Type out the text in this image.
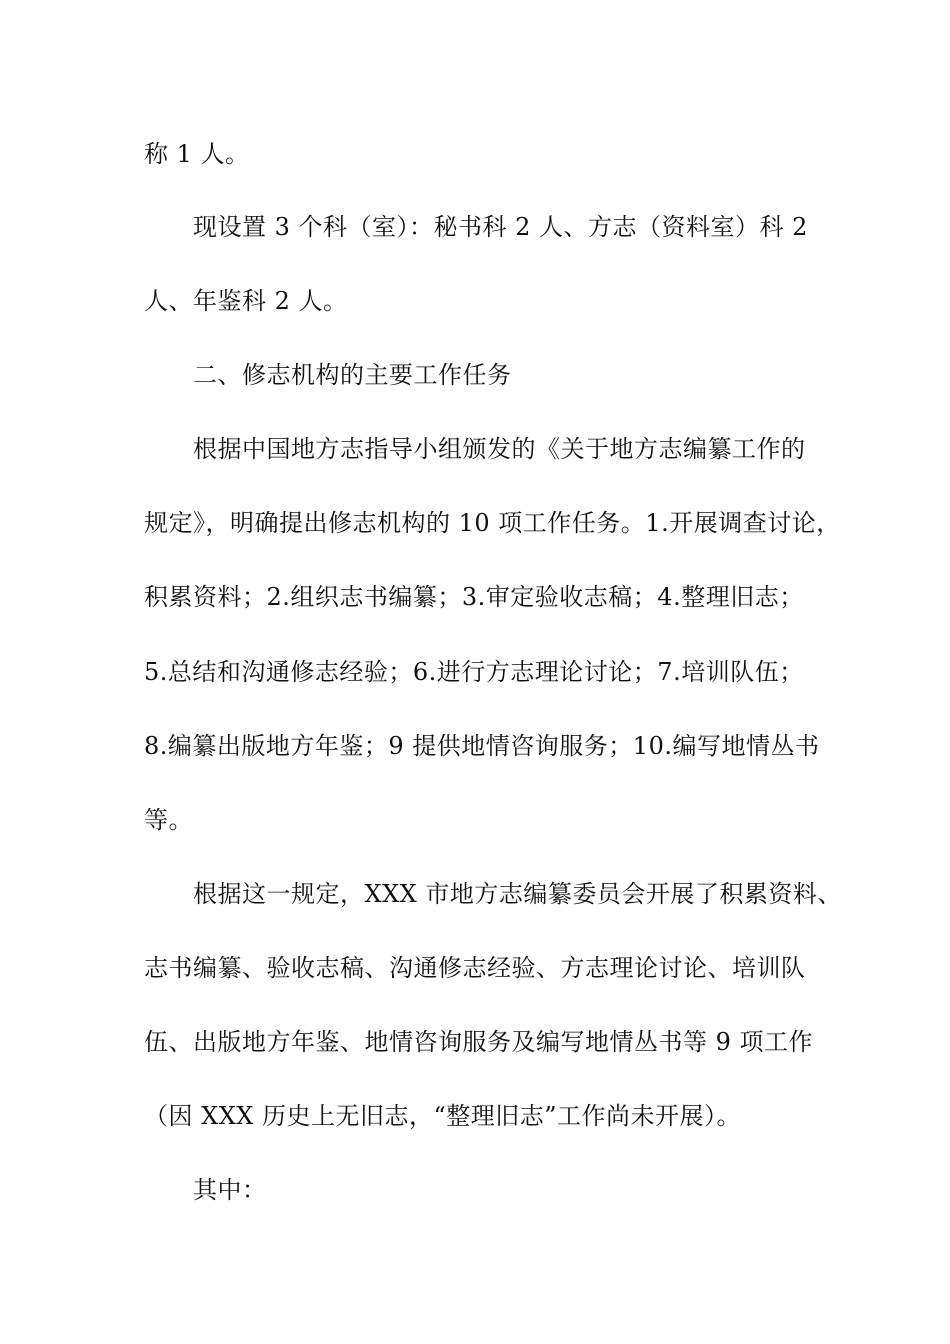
称 1 人。
现设置 3 个科（室）：秘书科 2 人、方志（资料室）科 2
人、年鉴科 2 人。
二、修志机构的主要工作任务
根据中国地方志指导小组颁发的《关于地方志编纂工作的
规定》，明确提出修志机构的 10 项工作任务。1.开展调查讨论，
积累资料；2.组织志书编纂；3.审定验收志稿；4.整理旧志；
5.总结和沟通修志经验；6.进行方志理论讨论；7.培训队伍；
8.编纂出版地方年鉴；9 提供地情咨询服务；10.编写地情丛书
等。
根据这一规定，XXX 市地方志编纂委员会开展了积累资料、
志书编纂、验收志稿、沟通修志经验、方志理论讨论、培训队
伍、出版地方年鉴、地情咨询服务及编写地情丛书等 9 项工作
（因 XXX 历史上无旧志，“整理旧志”工作尚未开展）。
其中：
